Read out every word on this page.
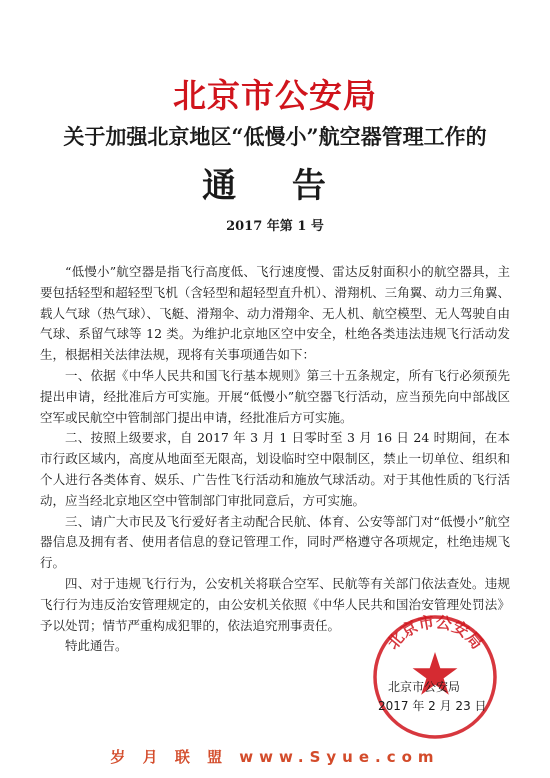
北京市公安局
关于加强北京地区“低慢小”航空器管理工作的
通 告
2017 年第 1 号

“低慢小”航空器是指飞行高度低、飞行速度慢、雷达反射面积小的航空器具，主要包括轻型和超轻型飞机（含轻型和超轻型直升机）、滑翔机、三角翼、动力三角翼、载人气球（热气球）、飞艇、滑翔伞、动力滑翔伞、无人机、航空模型、无人驾驶自由气球、系留气球等 12 类。为维护北京地区空中安全，杜绝各类违法违规飞行活动发生，根据相关法律法规，现将有关事项通告如下：

一、依据《中华人民共和国飞行基本规则》第三十五条规定，所有飞行必须预先提出申请，经批准后方可实施。开展“低慢小”航空器飞行活动，应当预先向中部战区空军或民航空中管制部门提出申请，经批准后方可实施。

二、按照上级要求，自 2017 年 3 月 1 日零时至 3 月 16 日 24 时期间，在本市行政区域内，高度从地面至无限高，划设临时空中限制区，禁止一切单位、组织和个人进行各类体育、娱乐、广告性飞行活动和施放气球活动。对于其他性质的飞行活动，应当经北京地区空中管制部门审批同意后，方可实施。

三、请广大市民及飞行爱好者主动配合民航、体育、公安等部门对“低慢小”航空器信息及拥有者、使用者信息的登记管理工作，同时严格遵守各项规定，杜绝违规飞行。

四、对于违规飞行行为，公安机关将联合空军、民航等有关部门依法查处。违规飞行行为违反治安管理规定的，由公安机关依照《中华人民共和国治安管理处罚法》予以处罚；情节严重构成犯罪的，依法追究刑事责任。

特此通告。	北京市公安局
北京市公安局
2017 年 2 月 23 日
岁 月 联 盟 www.Syue.com
